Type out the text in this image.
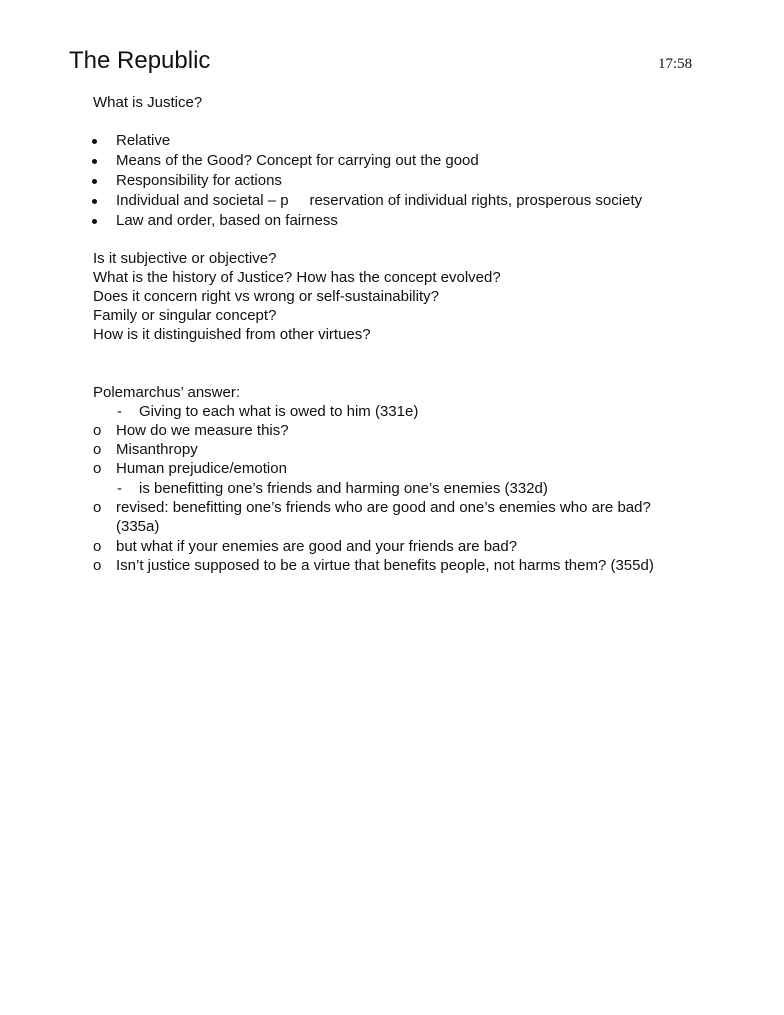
The Republic	17:58
What is Justice?
Relative
Means of the Good? Concept for carrying out the good
Responsibility for actions
Individual and societal – p     reservation of individual rights, prosperous society
Law and order, based on fairness
Is it subjective or objective?
What is the history of Justice? How has the concept evolved?
Does it concern right vs wrong or self-sustainability?
Family or singular concept?
How is it distinguished from other virtues?
Polemarchus’ answer:
- Giving to each what is owed to him (331e)
o How do we measure this?
o Misanthropy
o Human prejudice/emotion
- is benefitting one’s friends and harming one’s enemies (332d)
o revised: benefitting one’s friends who are good and one’s enemies who are bad?
(335a)
o but what if your enemies are good and your friends are bad?
o Isn’t justice supposed to be a virtue that benefits people, not harms them? (355d)
